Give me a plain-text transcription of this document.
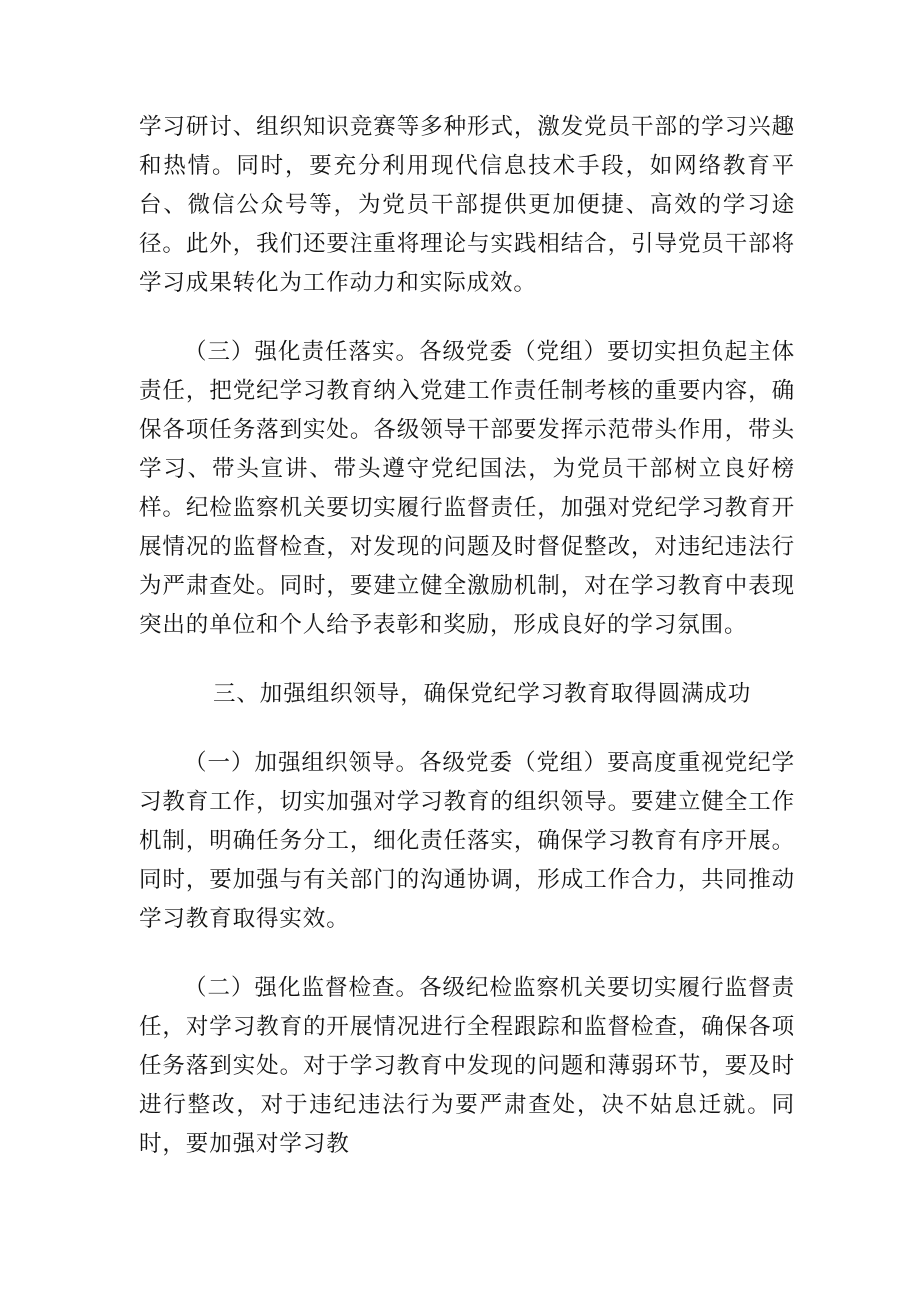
学习研讨、组织知识竞赛等多种形式，激发党员干部的学习兴趣和热情。同时，要充分利用现代信息技术手段，如网络教育平台、微信公众号等，为党员干部提供更加便捷、高效的学习途径。此外，我们还要注重将理论与实践相结合，引导党员干部将学习成果转化为工作动力和实际成效。

（三）强化责任落实。各级党委（党组）要切实担负起主体责任，把党纪学习教育纳入党建工作责任制考核的重要内容，确保各项任务落到实处。各级领导干部要发挥示范带头作用，带头学习、带头宣讲、带头遵守党纪国法，为党员干部树立良好榜样。纪检监察机关要切实履行监督责任，加强对党纪学习教育开展情况的监督检查，对发现的问题及时督促整改，对违纪违法行为严肃查处。同时，要建立健全激励机制，对在学习教育中表现突出的单位和个人给予表彰和奖励，形成良好的学习氛围。

三、加强组织领导，确保党纪学习教育取得圆满成功

（一）加强组织领导。各级党委（党组）要高度重视党纪学习教育工作，切实加强对学习教育的组织领导。要建立健全工作机制，明确任务分工，细化责任落实，确保学习教育有序开展。同时，要加强与有关部门的沟通协调，形成工作合力，共同推动学习教育取得实效。

（二）强化监督检查。各级纪检监察机关要切实履行监督责任，对学习教育的开展情况进行全程跟踪和监督检查，确保各项任务落到实处。对于学习教育中发现的问题和薄弱环节，要及时进行整改，对于违纪违法行为要严肃查处，决不姑息迁就。同时，要加强对学习教
